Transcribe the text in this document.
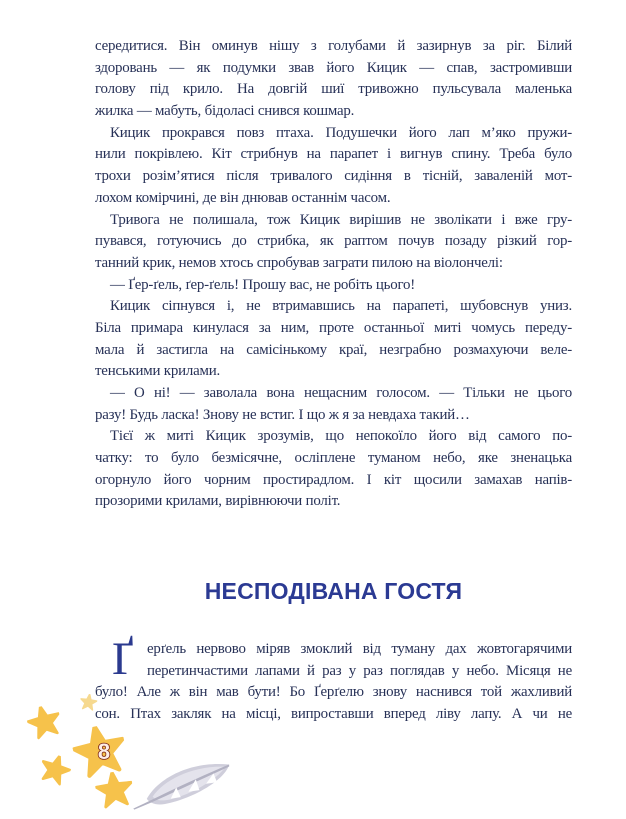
середитися. Він оминув нішу з голубами й зазирнув за ріг. Білий
здоровань — як подумки звав його Кицик — спав, застромивши
голову під крило. На довгій шиї тривожно пульсувала маленька
жилка — мабуть, бідоласі снився кошмар.
Кицик прокрався повз птаха. Подушечки його лап м’яко пружи-
нили покрівлею. Кіт стрибнув на парапет і вигнув спину. Треба було
трохи розім’ятися після тривалого сидіння в тісній, заваленій мот-
лохом комірчині, де він днював останнім часом.
Тривога не полишала, тож Кицик вирішив не зволікати і вже гру-
пувався, готуючись до стрибка, як раптом почув позаду різкий гор-
танний крик, немов хтось спробував заграти пилою на віолончелі:
— Ґер-ґель, ґер-ґель! Прошу вас, не робіть цього!
Кицик сіпнувся і, не втримавшись на парапеті, шубовснув униз.
Біла примара кинулася за ним, проте останньої миті чомусь переду-
мала й застигла на самісінькому краї, незграбно розмахуючи веле-
тенськими крилами.
— О ні! — заволала вона нещасним голосом. — Тільки не цього
разу! Будь ласка! Знову не встиг. І що ж я за невдаха такий…
Тієї ж миті Кицик зрозумів, що непокоїло його від самого по-
чатку: то було безмісячне, осліплене туманом небо, яке зненацька
огорнуло його чорним простирадлом. І кіт щосили замахав напів-
прозорими крилами, вирівнюючи політ.
НЕСПОДІВАНА ГОСТЯ
Ґ ерґель нервово міряв змоклий від туману дах жовтогарячими
перетинчастими лапами й раз у раз поглядав у небо. Місяця не
було! Але ж він мав бути! Бо Ґерґелю знову наснився той жахливий
сон. Птах закляк на місці, випроставши вперед ліву лапу. А чи не
8
